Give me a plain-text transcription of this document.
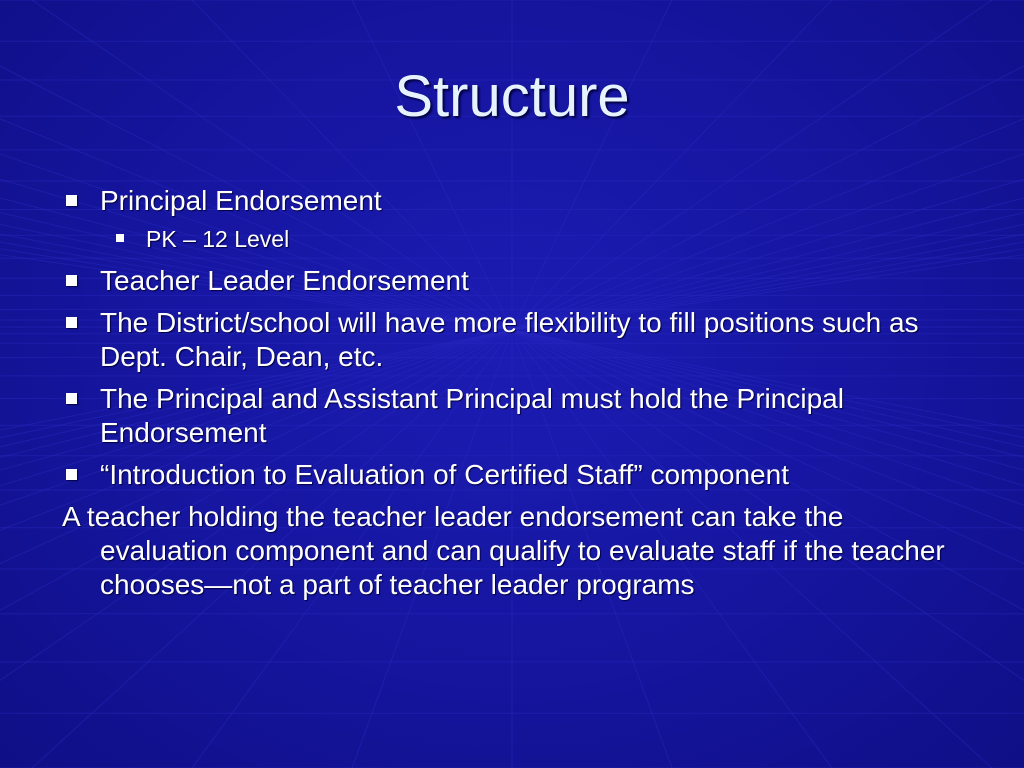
Structure
Principal Endorsement
PK – 12 Level
Teacher Leader Endorsement
The District/school will have more flexibility to fill positions such as Dept. Chair, Dean, etc.
The Principal and Assistant Principal must hold the Principal Endorsement
“Introduction to Evaluation of Certified Staff” component
A teacher holding the teacher leader endorsement can take the evaluation component and can qualify to evaluate staff if the teacher chooses—not a part of teacher leader programs
